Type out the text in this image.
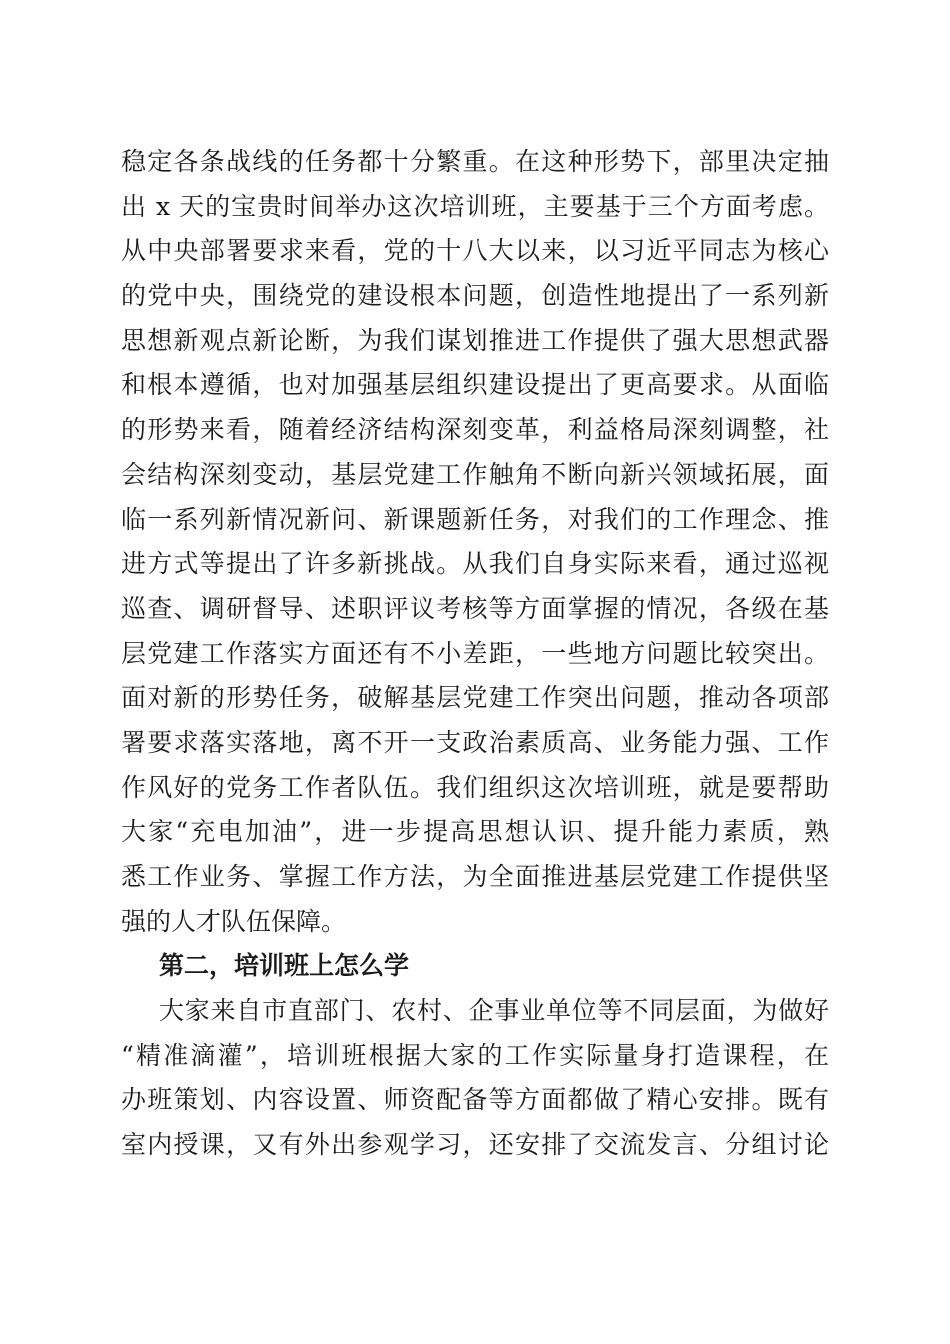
稳定各条战线的任务都十分繁重。在这种形势下，部里决定抽
出 x 天的宝贵时间举办这次培训班，主要基于三个方面考虑。
从中央部署要求来看，党的十八大以来，以习近平同志为核心
的党中央，围绕党的建设根本问题，创造性地提出了一系列新
思想新观点新论断，为我们谋划推进工作提供了强大思想武器
和根本遵循，也对加强基层组织建设提出了更高要求。从面临
的形势来看，随着经济结构深刻变革，利益格局深刻调整，社
会结构深刻变动，基层党建工作触角不断向新兴领域拓展，面
临一系列新情况新问、新课题新任务，对我们的工作理念、推
进方式等提出了许多新挑战。从我们自身实际来看，通过巡视
巡查、调研督导、述职评议考核等方面掌握的情况，各级在基
层党建工作落实方面还有不小差距，一些地方问题比较突出。
面对新的形势任务，破解基层党建工作突出问题，推动各项部
署要求落实落地，离不开一支政治素质高、业务能力强、工作
作风好的党务工作者队伍。我们组织这次培训班，就是要帮助
大家“充电加油”，进一步提高思想认识、提升能力素质，熟
悉工作业务、掌握工作方法，为全面推进基层党建工作提供坚
强的人才队伍保障。
第二，培训班上怎么学
大家来自市直部门、农村、企事业单位等不同层面，为做好
“精准滴灌”，培训班根据大家的工作实际量身打造课程，在
办班策划、内容设置、师资配备等方面都做了精心安排。既有
室内授课，又有外出参观学习，还安排了交流发言、分组讨论
